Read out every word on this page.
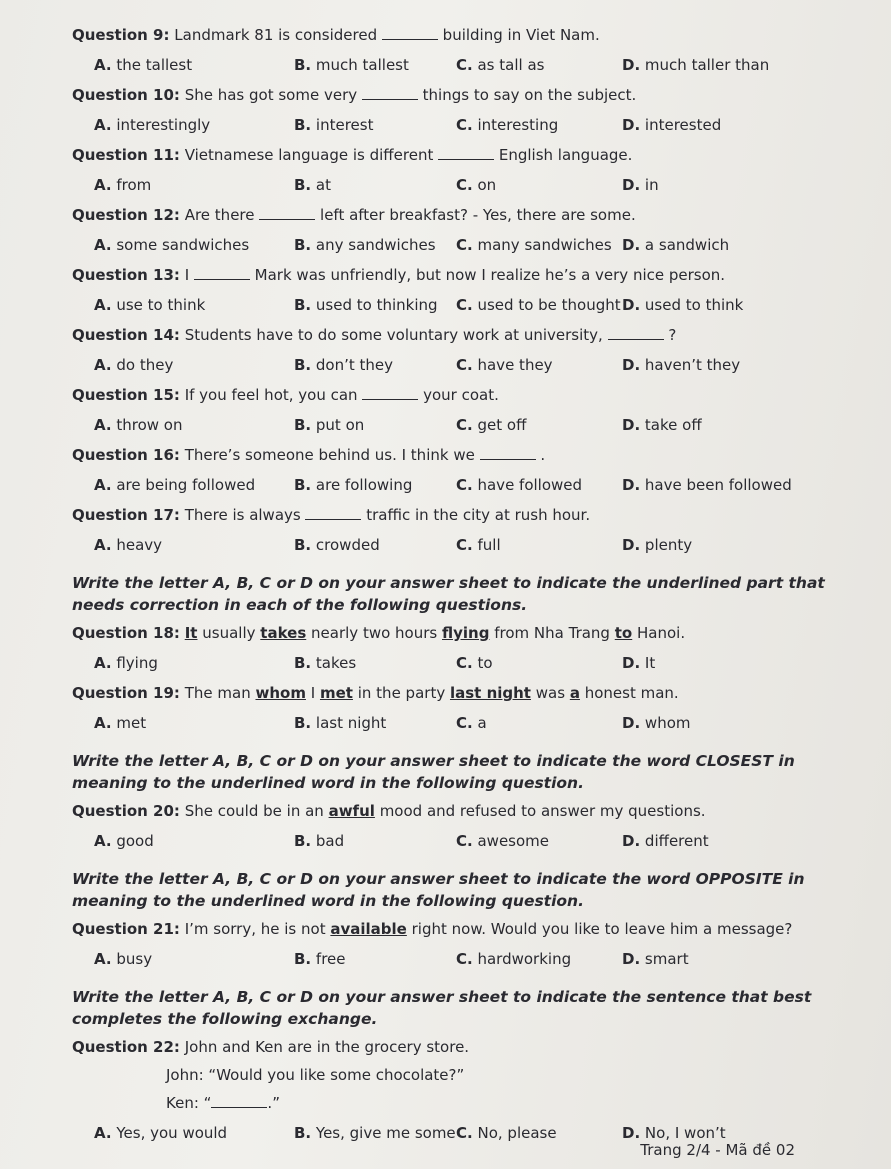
Question 9: Landmark 81 is considered	building in Viet Nam.

A. the tallest	B. much tallest	C. as tall as	D. much taller than

Question 10: She has got some very	things to say on the subject.

A. interestingly	B. interest	C. interesting	D. interested

Question 11: Vietnamese language is different	English language.

A. from	B. at	C. on	D. in

Question 12: Are there	left after breakfast? - Yes, there are some.

A. some sandwiches	B. any sandwiches	C. many sandwiches D. a sandwich

Question 13: I	Mark was unfriendly, but now I realize he’s a very nice person.

A. use to think	B. used to thinking	C. used to be thought D. used to think

Question 14: Students have to do some voluntary work at university,	?

A. do they	B. don’t they	C. have they	D. haven’t they

Question 15: If you feel hot, you can	your coat.

A. throw on	B. put on	C. get off	D. take off

Question 16: There’s someone behind us. I think we	.

A. are being followed	B. are following	C. have followed	D. have been followed

Question 17: There is always	traffic in the city at rush hour.

A. heavy	B. crowded	C. full	D. plenty
Write the letter A, B, C or D on your answer sheet to indicate the underlined part that needs correction in each of the following questions.

Question 18: It usually takes nearly two hours flying from Nha Trang to Hanoi.

A. flying	B. takes	C. to	D. It

Question 19: The man whom I met in the party last night was a honest man.

A. met	B. last night	C. a	D. whom
Write the letter A, B, C or D on your answer sheet to indicate the word CLOSEST in meaning to the underlined word in the following question.

Question 20: She could be in an awful mood and refused to answer my questions.

A. good	B. bad	C. awesome	D. different
Write the letter A, B, C or D on your answer sheet to indicate the word OPPOSITE in meaning to the underlined word in the following question.

Question 21: I’m sorry, he is not available right now. Would you like to leave him a message?

A. busy	B. free	C. hardworking	D. smart
Write the letter A, B, C or D on your answer sheet to indicate the sentence that best completes the following exchange.

Question 22: John and Ken are in the grocery store.

John: “Would you like some chocolate?”
Ken: “	.”
A. Yes, you would	B. Yes, give me some C. No, please	D. No, I won’t
Trang 2/4 - Mã đề 02
